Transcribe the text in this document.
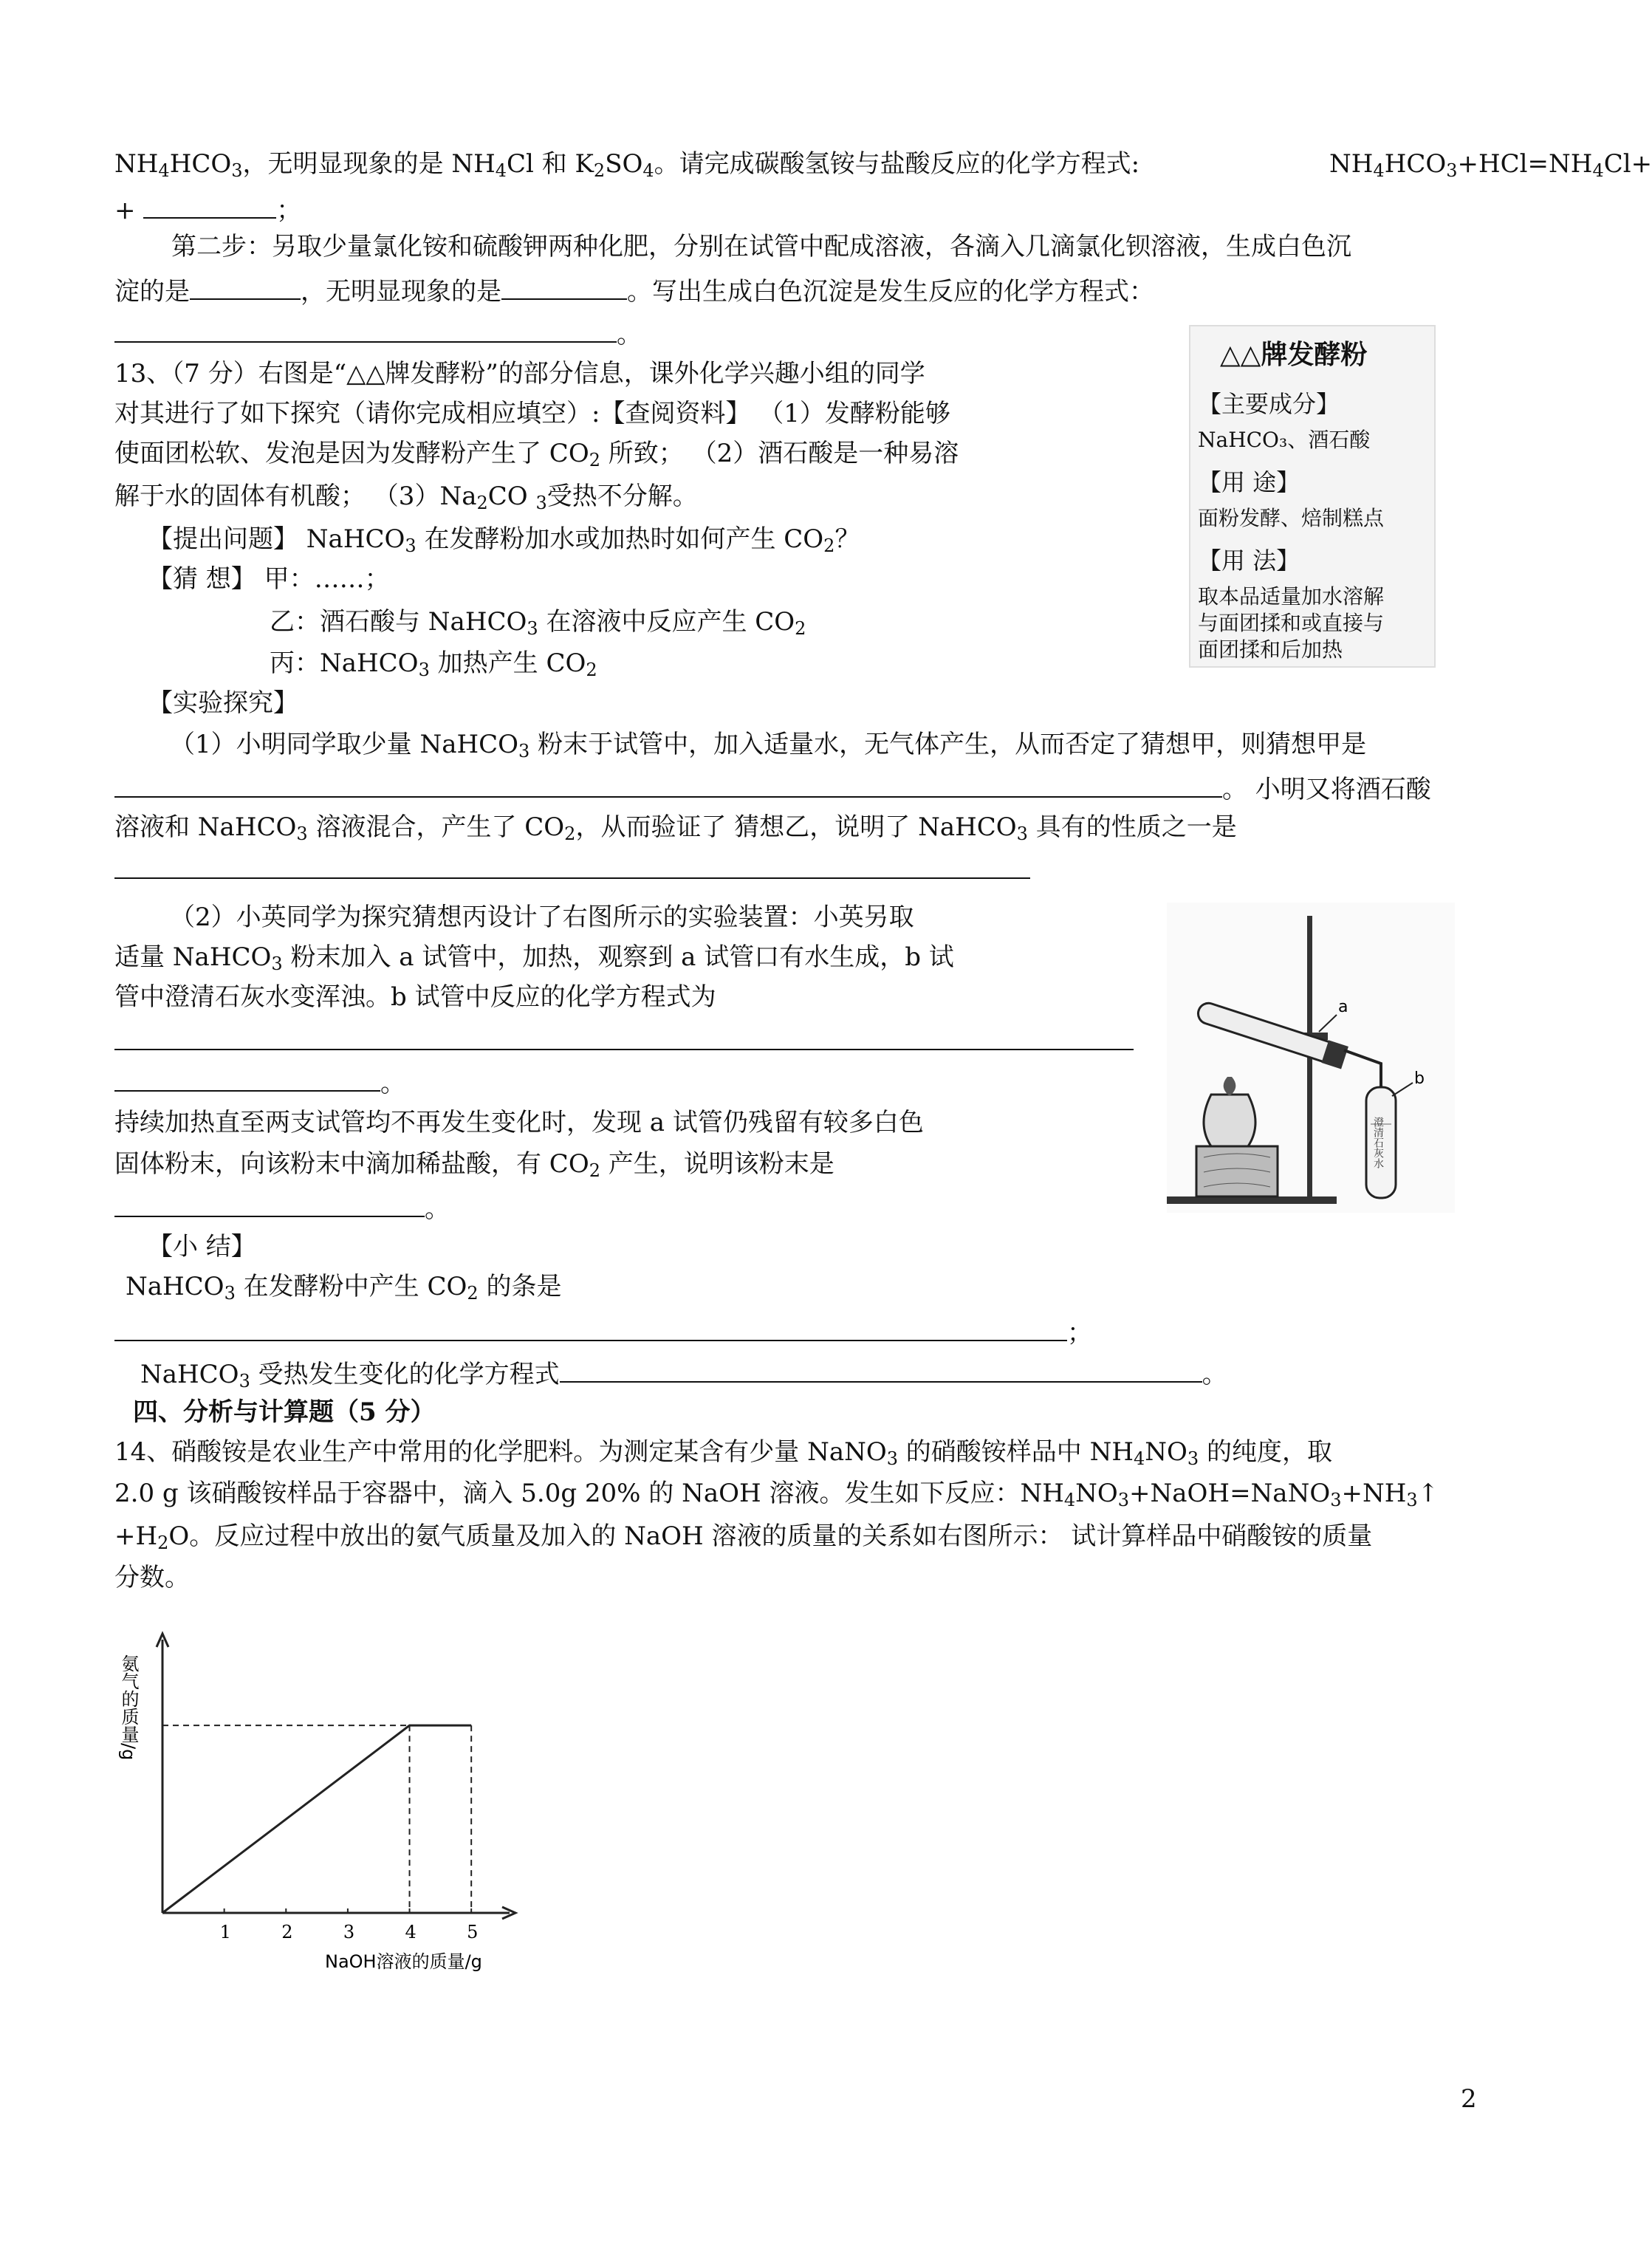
$NH_4HCO_3$，无明显现象的是 $NH_4Cl$ 和 $K_2SO_4$。请完成碳酸氢铵与盐酸反应的化学方程式:	$NH_4HCO_3+HCl=NH_4Cl+$
+	；
第二步：另取少量氯化铵和硫酸钾两种化肥，分别在试管中配成溶液，各滴入几滴氯化钡溶液，生成白色沉
淀的是	，无明显现象的是	。写出生成白色沉淀是发生反应的化学方程式：
。
13、（7 分）右图是“△△牌发酵粉”的部分信息，课外化学兴趣小组的同学
对其进行了如下探究（请你完成相应填空）:【查阅资料】 （1）发酵粉能够
使面团松软、发泡是因为发酵粉产生了 $CO_2$ 所致； （2）酒石酸是一种易溶
解于水的固体有机酸； $(3)Na_2CO$ $_3$受热不分解。
【提出问题】 NaHCO$_3$ 在发酵粉加水或加热时如何产生 $CO_2$？
【猜 想】 甲：……；
乙：酒石酸与 NaHCO$_3$ 在溶液中反应产生 $CO_2$
丙：NaHCO$_3$ 加热产生 $CO_2$
【实验探究】
（1）小明同学取少量 NaHCO$_3$ 粉末于试管中，加入适量水，无气体产生，从而否定了猜想甲，则猜想甲是
。 小明又将酒石酸
溶液和 NaHCO$_3$ 溶液混合，产生了 $CO_2$，从而验证了 猜想乙，说明了 NaHCO$_3$ 具有的性质之一是
（2）小英同学为探究猜想丙设计了右图所示的实验装置：小英另取
适量 NaHCO$_3$ 粉末加入 a 试管中，加热，观察到 a 试管口有水生成，b 试
管中澄清石灰水变浑浊。b 试管中反应的化学方程式为
。
持续加热直至两支试管均不再发生变化时，发现 a 试管仍残留有较多白色
固体粉末，向该粉末中滴加稀盐酸，有 $CO_2$ 产生，说明该粉末是
。
【小 结】
NaHCO$_3$ 在发酵粉中产生 $CO_2$ 的条是
；
NaHCO$_3$ 受热发生变化的化学方程式	。
四、分析与计算题（5 分）
14、硝酸铵是农业生产中常用的化学肥料。为测定某含有少量 NaNO$_3$ 的硝酸铵样品中 $NH_4NO_3$ 的纯度，取
2.0 g 该硝酸铵样品于容器中，滴入 5.0g 20% 的 NaOH 溶液。发生如下反应：$NH_4NO_3+NaOH=NaNO_3+NH_3↑$
$+H_2O$。反应过程中放出的氨气质量及加入的 NaOH 溶液的质量的关系如右图所示： 试计算样品中硝酸铵的质量
分数。
△△牌发酵粉
【主要成分】
NaHCO₃、酒石酸
【用 途】
面粉发酵、焙制糕点
【用 法】
取本品适量加水溶解
与面团揉和或直接与
面团揉和后加热
澄清石灰水
a
b
1	2	3	4	5
氨气的质量/g
NaOH溶液的质量/g
2
